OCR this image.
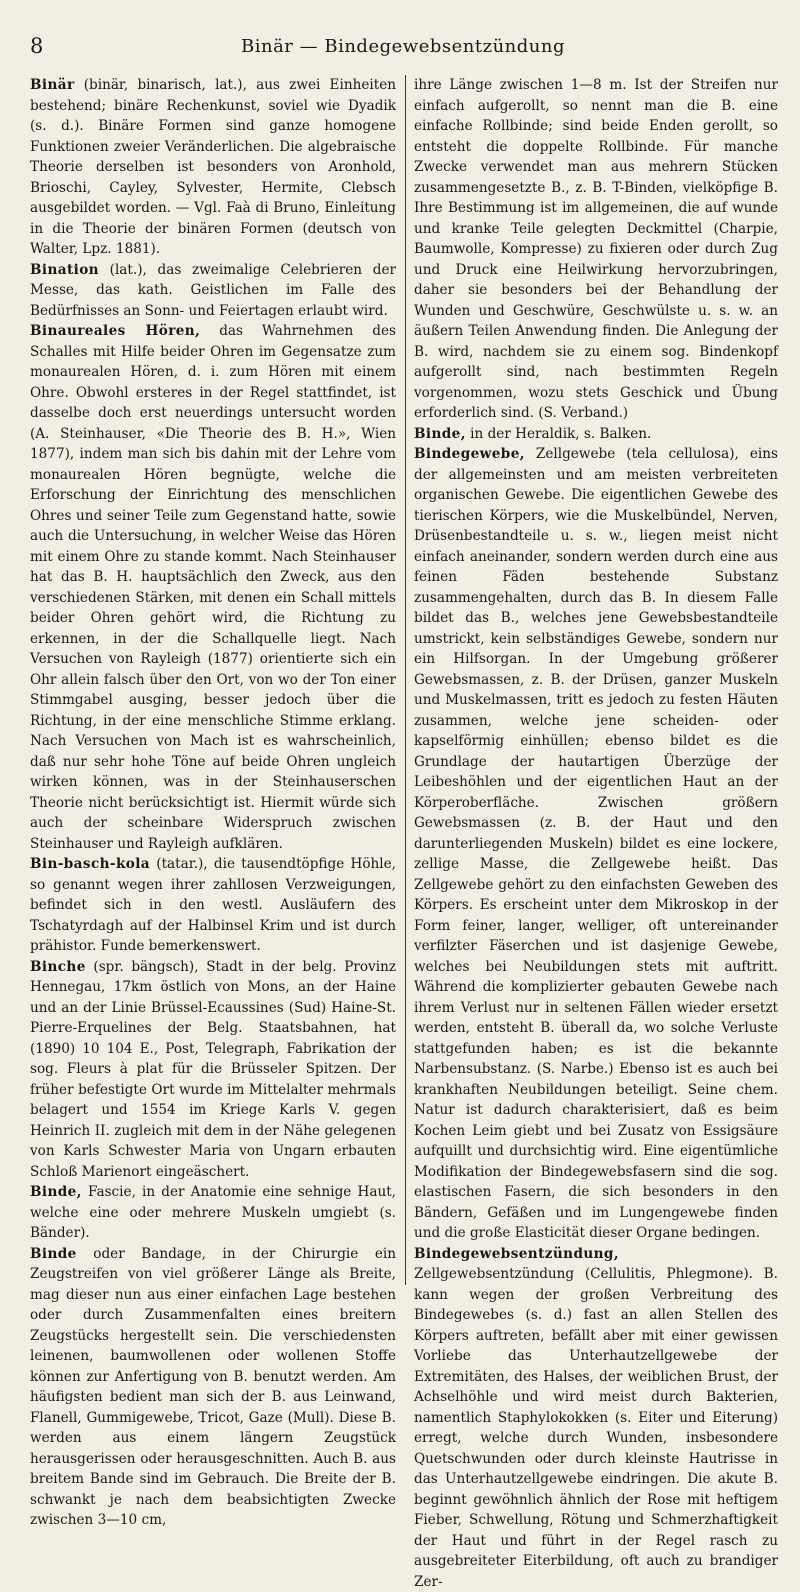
8	Binär — Bindegewebsentzündung

Binär (binär, binarisch, lat.), aus zwei Einheiten bestehend; binäre Rechenkunst, soviel wie Dyadik (s. d.). Binäre Formen sind ganze homogene Funktionen zweier Veränderlichen. Die algebraische Theorie derselben ist besonders von Aronhold, Brioschi, Cayley, Sylvester, Hermite, Clebsch ausgebildet worden. — Vgl. Faà di Bruno, Einleitung in die Theorie der binären Formen (deutsch von Walter, Lpz. 1881).

Bination (lat.), das zweimalige Celebrieren der Messe, das kath. Geistlichen im Falle des Bedürfnisses an Sonn- und Feiertagen erlaubt wird.

Binaureales Hören, das Wahrnehmen des Schalles mit Hilfe beider Ohren im Gegensatze zum monaurealen Hören, d. i. zum Hören mit einem Ohre. Obwohl ersteres in der Regel stattfindet, ist dasselbe doch erst neuerdings untersucht worden (A. Steinhauser, «Die Theorie des B. H.», Wien 1877), indem man sich bis dahin mit der Lehre vom monaurealen Hören begnügte, welche die Erforschung der Einrichtung des menschlichen Ohres und seiner Teile zum Gegenstand hatte, sowie auch die Untersuchung, in welcher Weise das Hören mit einem Ohre zu stande kommt. Nach Steinhauser hat das B. H. hauptsächlich den Zweck, aus den verschiedenen Stärken, mit denen ein Schall mittels beider Ohren gehört wird, die Richtung zu erkennen, in der die Schallquelle liegt. Nach Versuchen von Rayleigh (1877) orientierte sich ein Ohr allein falsch über den Ort, von wo der Ton einer Stimmgabel ausging, besser jedoch über die Richtung, in der eine menschliche Stimme erklang. Nach Versuchen von Mach ist es wahrscheinlich, daß nur sehr hohe Töne auf beide Ohren ungleich wirken können, was in der Steinhauserschen Theorie nicht berücksichtigt ist. Hiermit würde sich auch der scheinbare Widerspruch zwischen Steinhauser und Rayleigh aufklären.

Bin-basch-kola (tatar.), die tausendtöpfige Höhle, so genannt wegen ihrer zahllosen Verzweigungen, befindet sich in den westl. Ausläufern des Tschatyrdagh auf der Halbinsel Krim und ist durch prähistor. Funde bemerkenswert.

Binche (spr. bängsch), Stadt in der belg. Provinz Hennegau, 17km östlich von Mons, an der Haine und an der Linie Brüssel-Ecaussines (Sud) Haine-St. Pierre-Erquelines der Belg. Staatsbahnen, hat (1890) 10 104 E., Post, Telegraph, Fabrikation der sog. Fleurs à plat für die Brüsseler Spitzen. Der früher befestigte Ort wurde im Mittelalter mehrmals belagert und 1554 im Kriege Karls V. gegen Heinrich II. zugleich mit dem in der Nähe gelegenen von Karls Schwester Maria von Ungarn erbauten Schloß Marienort eingeäschert.

Binde, Fascie, in der Anatomie eine sehnige Haut, welche eine oder mehrere Muskeln umgiebt (s. Bänder).

Binde oder Bandage, in der Chirurgie ein Zeugstreifen von viel größerer Länge als Breite, mag dieser nun aus einer einfachen Lage bestehen oder durch Zusammenfalten eines breitern Zeugstücks hergestellt sein. Die verschiedensten leinenen, baumwollenen oder wollenen Stoffe können zur Anfertigung von B. benutzt werden. Am häufigsten bedient man sich der B. aus Leinwand, Flanell, Gummigewebe, Tricot, Gaze (Mull). Diese B. werden aus einem längern Zeugstück herausgerissen oder herausgeschnitten. Auch B. aus breitem Bande sind im Gebrauch. Die Breite der B. schwankt je nach dem beabsichtigten Zwecke zwischen 3—10 cm,

ihre Länge zwischen 1—8 m. Ist der Streifen nur einfach aufgerollt, so nennt man die B. eine einfache Rollbinde; sind beide Enden gerollt, so entsteht die doppelte Rollbinde. Für manche Zwecke verwendet man aus mehrern Stücken zusammengesetzte B., z. B. T-Binden, vielköpfige B. Ihre Bestimmung ist im allgemeinen, die auf wunde und kranke Teile gelegten Deckmittel (Charpie, Baumwolle, Kompresse) zu fixieren oder durch Zug und Druck eine Heilwirkung hervorzubringen, daher sie besonders bei der Behandlung der Wunden und Geschwüre, Geschwülste u. s. w. an äußern Teilen Anwendung finden. Die Anlegung der B. wird, nachdem sie zu einem sog. Bindenkopf aufgerollt sind, nach bestimmten Regeln vorgenommen, wozu stets Geschick und Übung erforderlich sind. (S. Verband.)

Binde, in der Heraldik, s. Balken.

Bindegewebe, Zellgewebe (tela cellulosa), eins der allgemeinsten und am meisten verbreiteten organischen Gewebe. Die eigentlichen Gewebe des tierischen Körpers, wie die Muskelbündel, Nerven, Drüsenbestandteile u. s. w., liegen meist nicht einfach aneinander, sondern werden durch eine aus feinen Fäden bestehende Substanz zusammengehalten, durch das B. In diesem Falle bildet das B., welches jene Gewebsbestandteile umstrickt, kein selbständiges Gewebe, sondern nur ein Hilfsorgan. In der Umgebung größerer Gewebsmassen, z. B. der Drüsen, ganzer Muskeln und Muskelmassen, tritt es jedoch zu festen Häuten zusammen, welche jene scheiden- oder kapselförmig einhüllen; ebenso bildet es die Grundlage der hautartigen Überzüge der Leibeshöhlen und der eigentlichen Haut an der Körperoberfläche. Zwischen größern Gewebsmassen (z. B. der Haut und den darunterliegenden Muskeln) bildet es eine lockere, zellige Masse, die Zellgewebe heißt. Das Zellgewebe gehört zu den einfachsten Geweben des Körpers. Es erscheint unter dem Mikroskop in der Form feiner, langer, welliger, oft untereinander verfilzter Fäserchen und ist dasjenige Gewebe, welches bei Neubildungen stets mit auftritt. Während die komplizierter gebauten Gewebe nach ihrem Verlust nur in seltenen Fällen wieder ersetzt werden, entsteht B. überall da, wo solche Verluste stattgefunden haben; es ist die bekannte Narbensubstanz. (S. Narbe.) Ebenso ist es auch bei krankhaften Neubildungen beteiligt. Seine chem. Natur ist dadurch charakterisiert, daß es beim Kochen Leim giebt und bei Zusatz von Essigsäure aufquillt und durchsichtig wird. Eine eigentümliche Modifikation der Bindegewebsfasern sind die sog. elastischen Fasern, die sich besonders in den Bändern, Gefäßen und im Lungengewebe finden und die große Elasticität dieser Organe bedingen.

Bindegewebsentzündung, Zellgewebsentzündung (Cellulitis, Phlegmone). B. kann wegen der großen Verbreitung des Bindegewebes (s. d.) fast an allen Stellen des Körpers auftreten, befällt aber mit einer gewissen Vorliebe das Unterhautzellgewebe der Extremitäten, des Halses, der weiblichen Brust, der Achselhöhle und wird meist durch Bakterien, namentlich Staphylokokken (s. Eiter und Eiterung) erregt, welche durch Wunden, insbesondere Quetschwunden oder durch kleinste Hautrisse in das Unterhautzellgewebe eindringen. Die akute B. beginnt gewöhnlich ähnlich der Rose mit heftigem Fieber, Schwellung, Rötung und Schmerzhaftigkeit der Haut und führt in der Regel rasch zu ausgebreiteter Eiterbildung, oft auch zu brandiger Zer-
